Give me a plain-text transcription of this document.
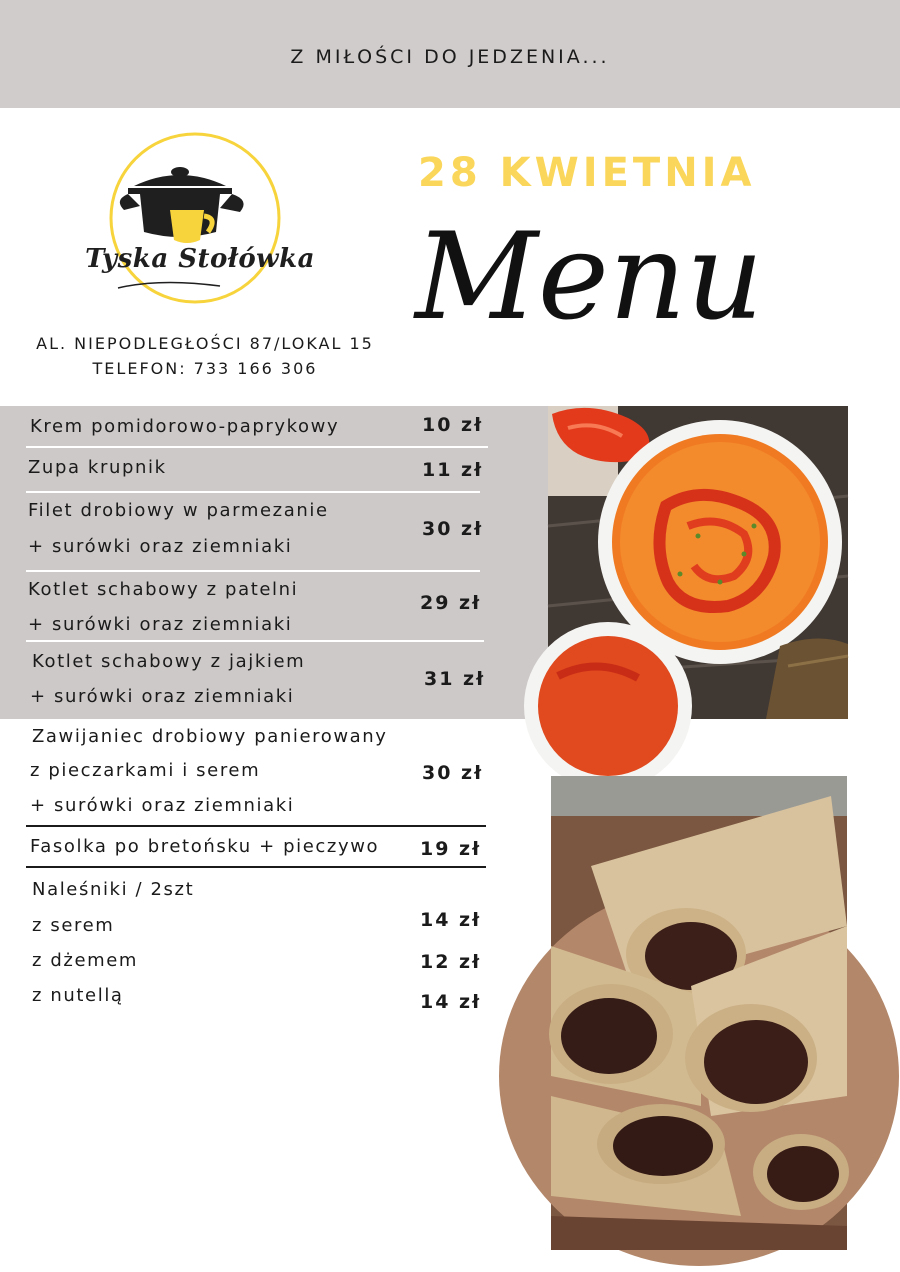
Z MIŁOŚCI DO JEDZENIA...
Tyska Stołówka
AL. NIEPODLEGŁOŚCI 87/LOKAL 15
TELEFON: 733 166 306
28 KWIETNIA
Menu
Krem pomidorowo-paprykowy	10 zł
Zupa krupnik	11 zł
Filet drobiowy w parmezanie
+ surówki oraz ziemniaki
30 zł
Kotlet schabowy z patelni
+ surówki oraz ziemniaki
29 zł
Kotlet schabowy z jajkiem
+ surówki oraz ziemniaki
31 zł
Zawijaniec drobiowy panierowany
z pieczarkami i serem
+ surówki oraz ziemniaki
30 zł
Fasolka po bretońsku + pieczywo 19 zł
Naleśniki / 2szt
z serem	14 zł
z dżemem	12 zł
z nutellą	14 zł
